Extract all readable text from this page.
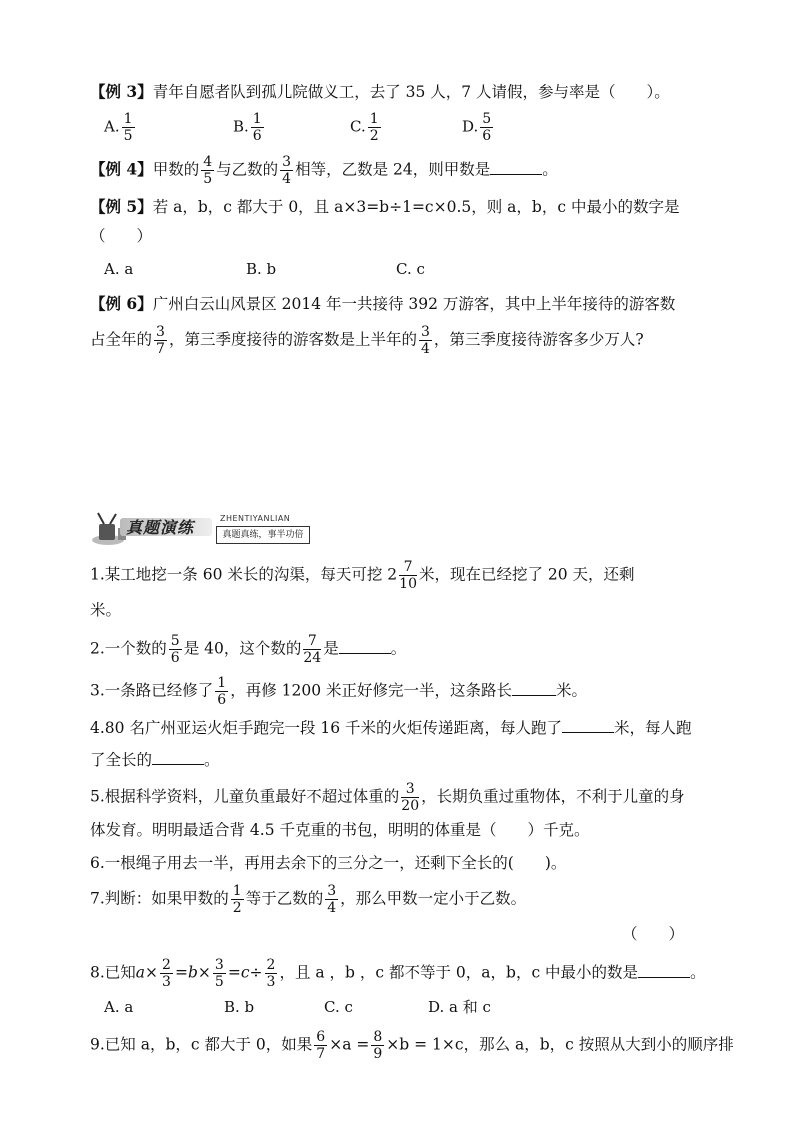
【例 3】青年自愿者队到孤儿院做义工，去了 35 人，7 人请假，参与率是（　　）。
A. $\frac{1}{5}$	B. $\frac{1}{6}$	C. $\frac{1}{2}$	D. $\frac{5}{6}$
【例 4】甲数的 $\frac{4}{5}$ 与乙数的 $\frac{3}{4}$ 相等，乙数是 24，则甲数是	。
【例 5】若 a，b，c 都大于 0，且 a×3=b÷1=c×0.5，则 a，b，c 中最小的数字是
（　　）
A. a	B. b	C. c
【例 6】广州白云山风景区 2014 年一共接待 392 万游客，其中上半年接待的游客数
占全年的 $\frac{3}{7}$ ，第三季度接待的游客数是上半年的 $\frac{3}{4}$ ，第三季度接待游客多少万人?
真题演练	ZHENTIYANLIAN
真题真练，事半功倍
1.某工地挖一条 60 米长的沟渠，每天可挖 $2 \frac{7}{10}$ 米，现在已经挖了 20 天，还剩
米。
2.一个数的 $\frac{5}{6}$ 是 40，这个数的 $\frac{7}{24}$ 是	。
3.一条路已经修了 $\frac{1}{6}$ ，再修 1200 米正好修完一半，这条路长	米。
4.80 名广州亚运火炬手跑完一段 16 千米的火炬传递距离，每人跑了	米，每人跑
了全长的	。
5.根据科学资料，儿童负重最好不超过体重的 $\frac{3}{20}$ ，长期负重过重物体，不利于儿童的身
体发育。明明最适合背 4.5 千克重的书包，明明的体重是（　　）千克。
6.一根绳子用去一半，再用去余下的三分之一，还剩下全长的(　　)。
7.判断：如果甲数的 $\frac{1}{2}$ 等于乙数的 $\frac{3}{4}$ ，那么甲数一定小于乙数。
（　　）
8.已知$a\times \frac{2}{3} =b\times \frac{3}{5} =c\div \frac{2}{3}$ ，且 a ，b ，c 都不等于 0，a，b，c 中最小的数是	。
A. a	B. b	C. c	D. a 和 c
9.已知 a，b，c 都大于 0，如果 $\frac{6}{7} \times a = \frac{8}{9} \times b = 1\times c$，那么 a，b，c 按照从大到小的顺序排
